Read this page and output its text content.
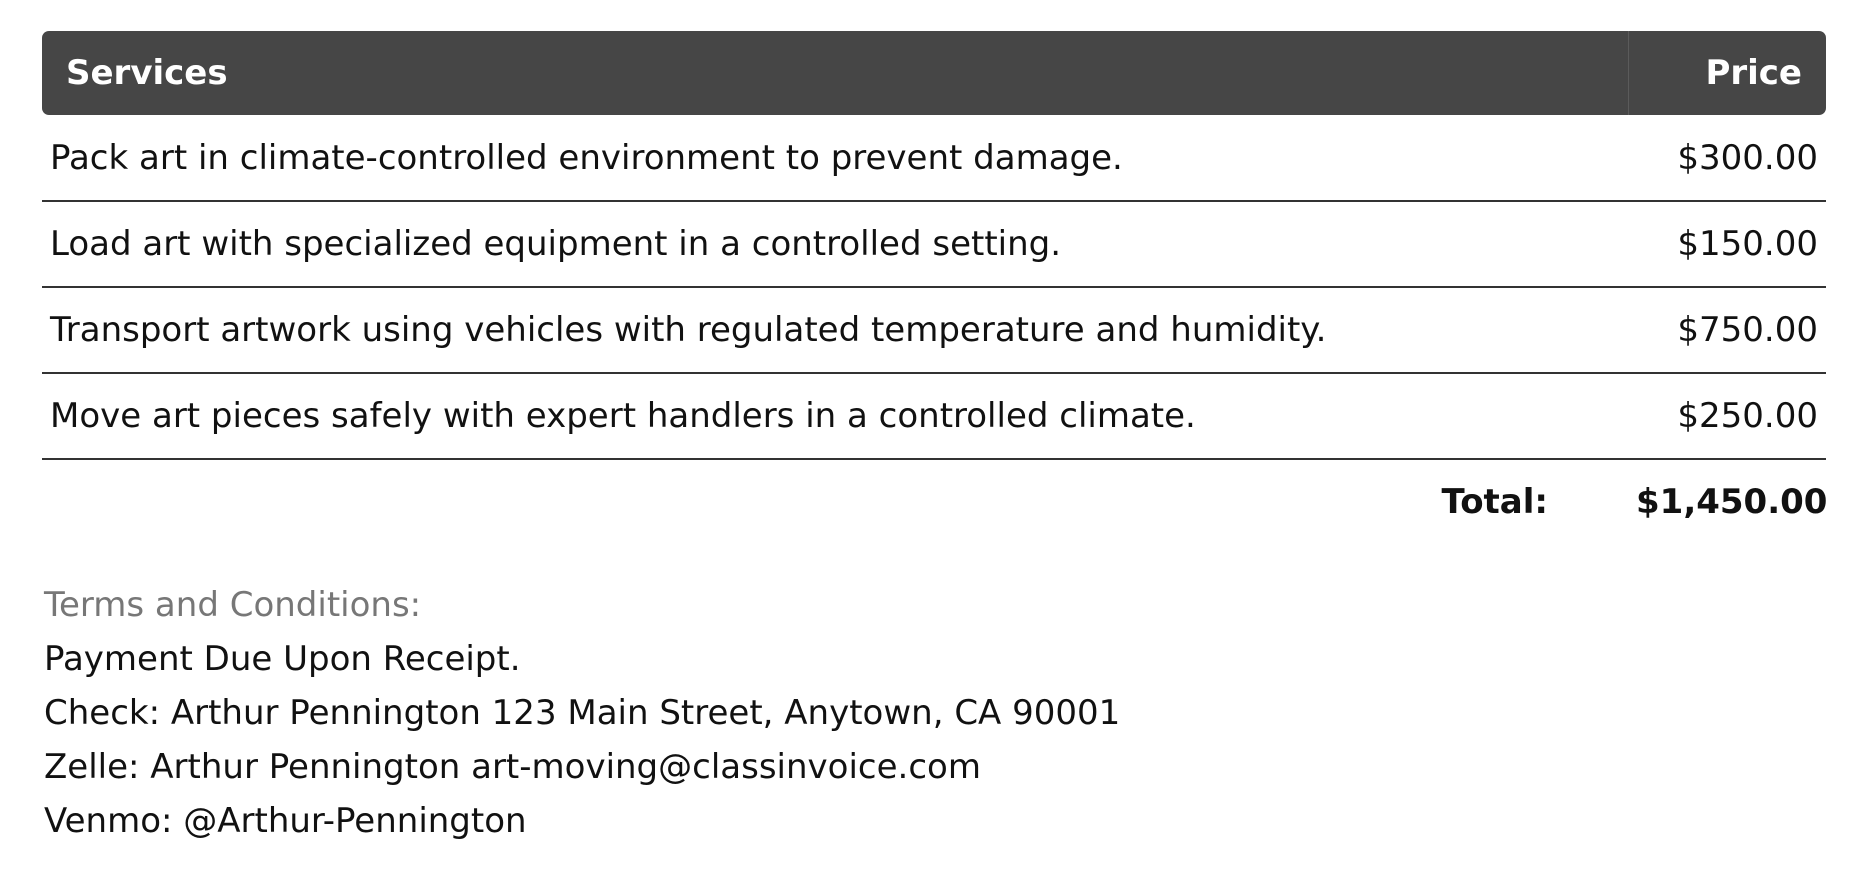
Services	Price
Pack art in climate-controlled environment to prevent damage.	$300.00
Load art with specialized equipment in a controlled setting.	$150.00
Transport artwork using vehicles with regulated temperature and humidity.	$750.00
Move art pieces safely with expert handlers in a controlled climate.	$250.00
Total:	$1,450.00
Terms and Conditions:
Payment Due Upon Receipt.
Check: Arthur Pennington 123 Main Street, Anytown, CA 90001
Zelle: Arthur Pennington art-moving@classinvoice.com
Venmo: @Arthur-Pennington
